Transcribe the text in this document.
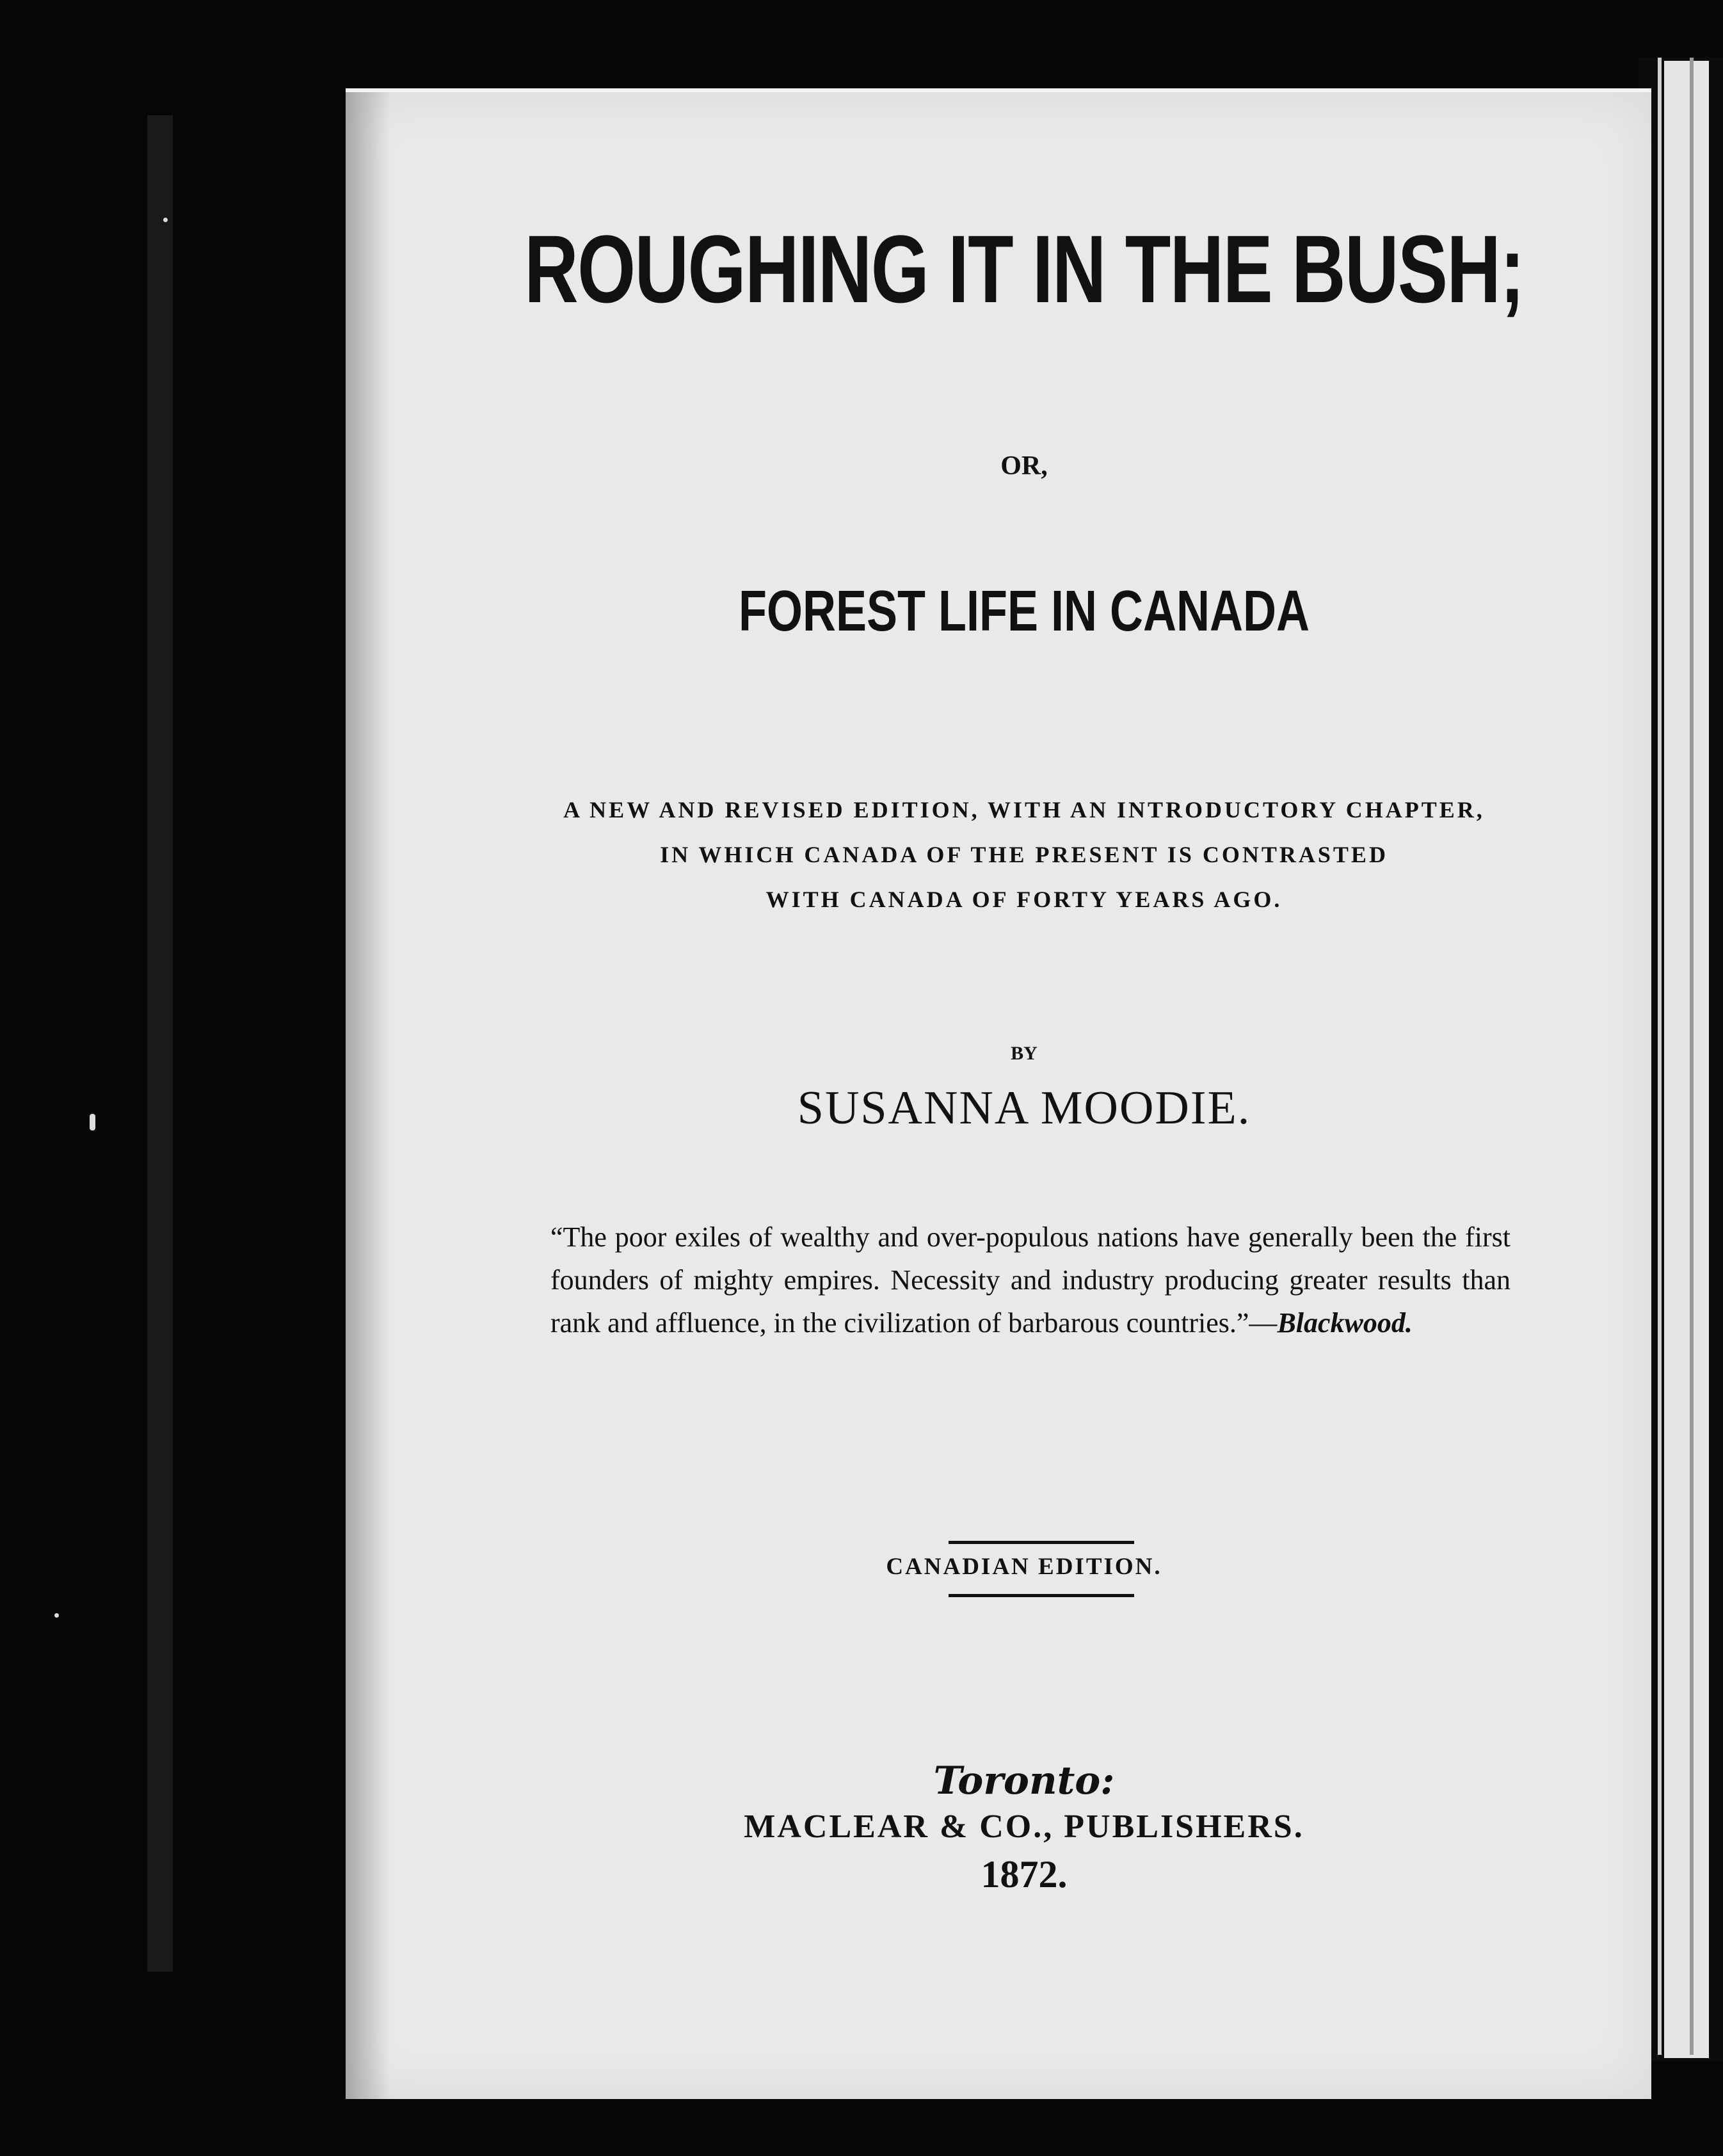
ROUGHING IT IN THE BUSH;
OR,
FOREST LIFE IN CANADA
A NEW AND REVISED EDITION, WITH AN INTRODUCTORY CHAPTER,
IN WHICH CANADA OF THE PRESENT IS CONTRASTED
WITH CANADA OF FORTY YEARS AGO.
BY
SUSANNA MOODIE.
“The poor exiles of wealthy and over-populous nations have generally been the first founders of mighty empires. Necessity and industry producing greater results than rank and affluence, in the civilization of barbarous countries.”—Blackwood.
CANADIAN EDITION.
Toronto:
MACLEAR & CO., PUBLISHERS.
1872.
